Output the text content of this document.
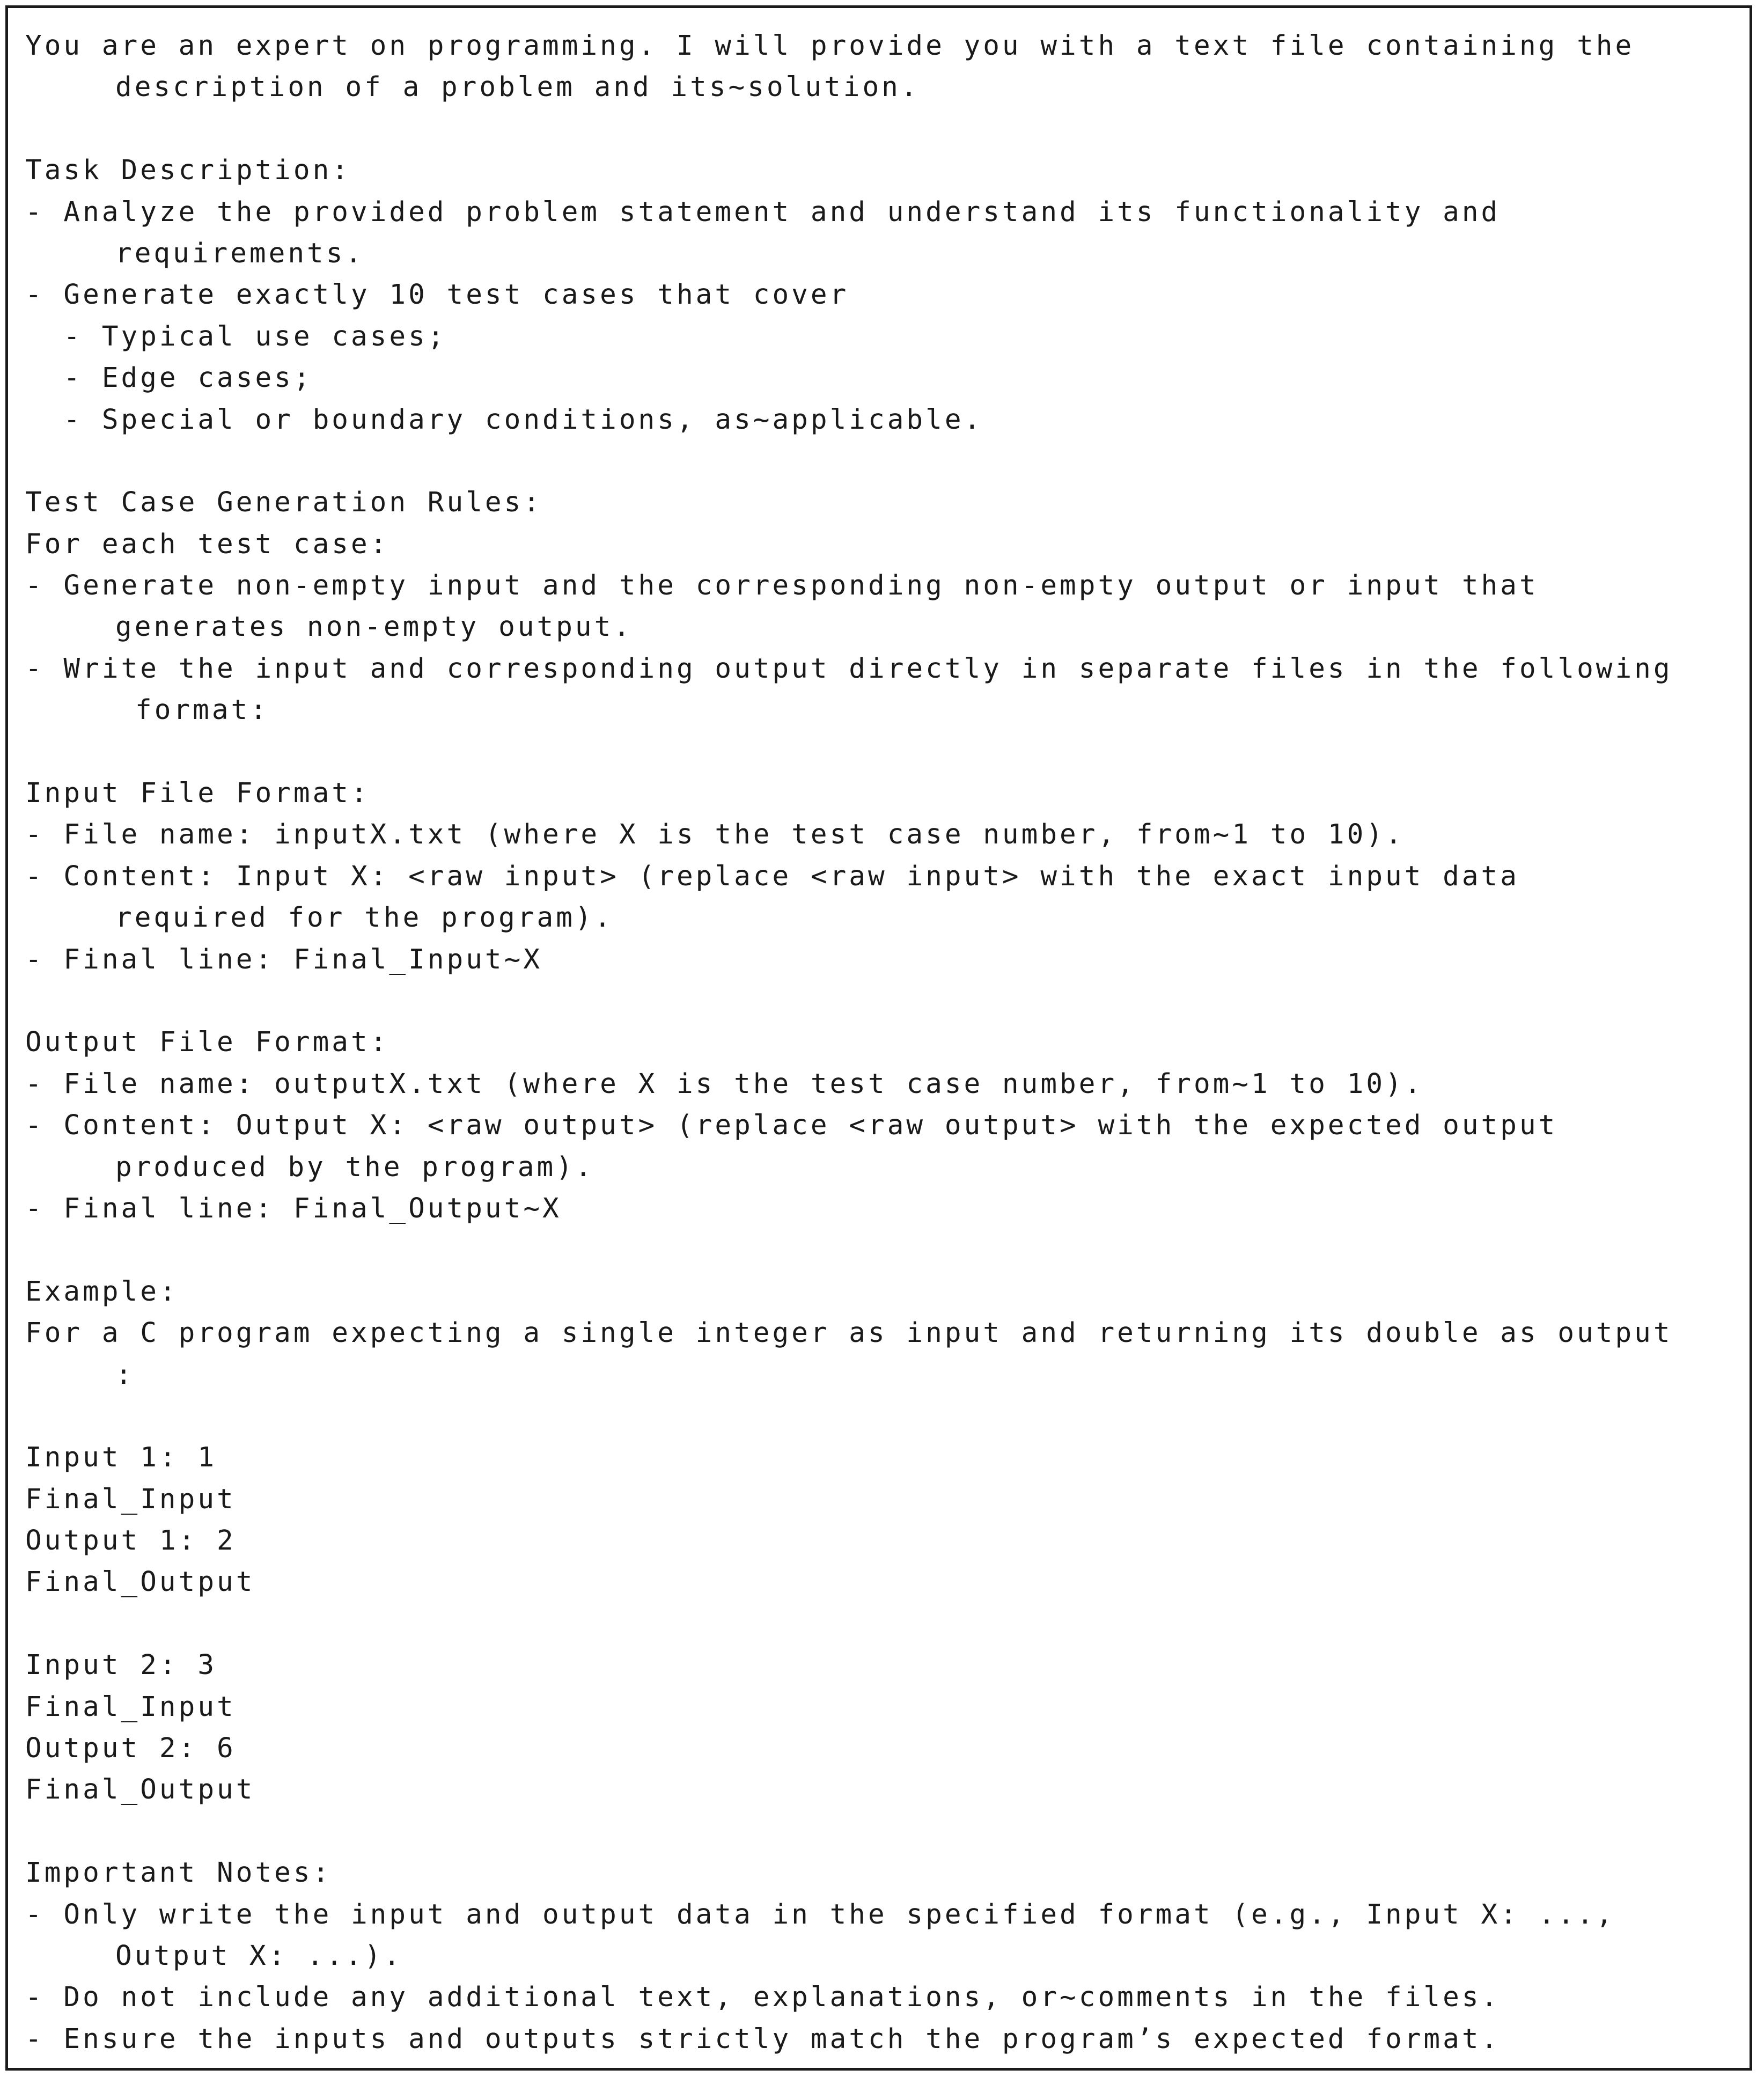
You are an expert on programming. I will provide you with a text file containing the
description of a problem and its~solution.
Task Description:
- Analyze the provided problem statement and understand its functionality and
requirements.
- Generate exactly 10 test cases that cover
- Typical use cases;
- Edge cases;
- Special or boundary conditions, as~applicable.
Test Case Generation Rules:
For each test case:
- Generate non-empty input and the corresponding non-empty output or input that
generates non-empty output.
- Write the input and corresponding output directly in separate files in the following
format:
Input File Format:
- File name: inputX.txt (where X is the test case number, from~1 to 10).
- Content: Input X: <raw input> (replace <raw input> with the exact input data
required for the program).
- Final line: Final_Input~X
Output File Format:
- File name: outputX.txt (where X is the test case number, from~1 to 10).
- Content: Output X: <raw output> (replace <raw output> with the expected output
produced by the program).
- Final line: Final_Output~X
Example:
For a C program expecting a single integer as input and returning its double as output
:
Input 1: 1
Final_Input
Output 1: 2
Final_Output
Input 2: 3
Final_Input
Output 2: 6
Final_Output
Important Notes:
- Only write the input and output data in the specified format (e.g., Input X: ...,
Output X: ...).
- Do not include any additional text, explanations, or~comments in the files.
- Ensure the inputs and outputs strictly match the program’s expected format.
